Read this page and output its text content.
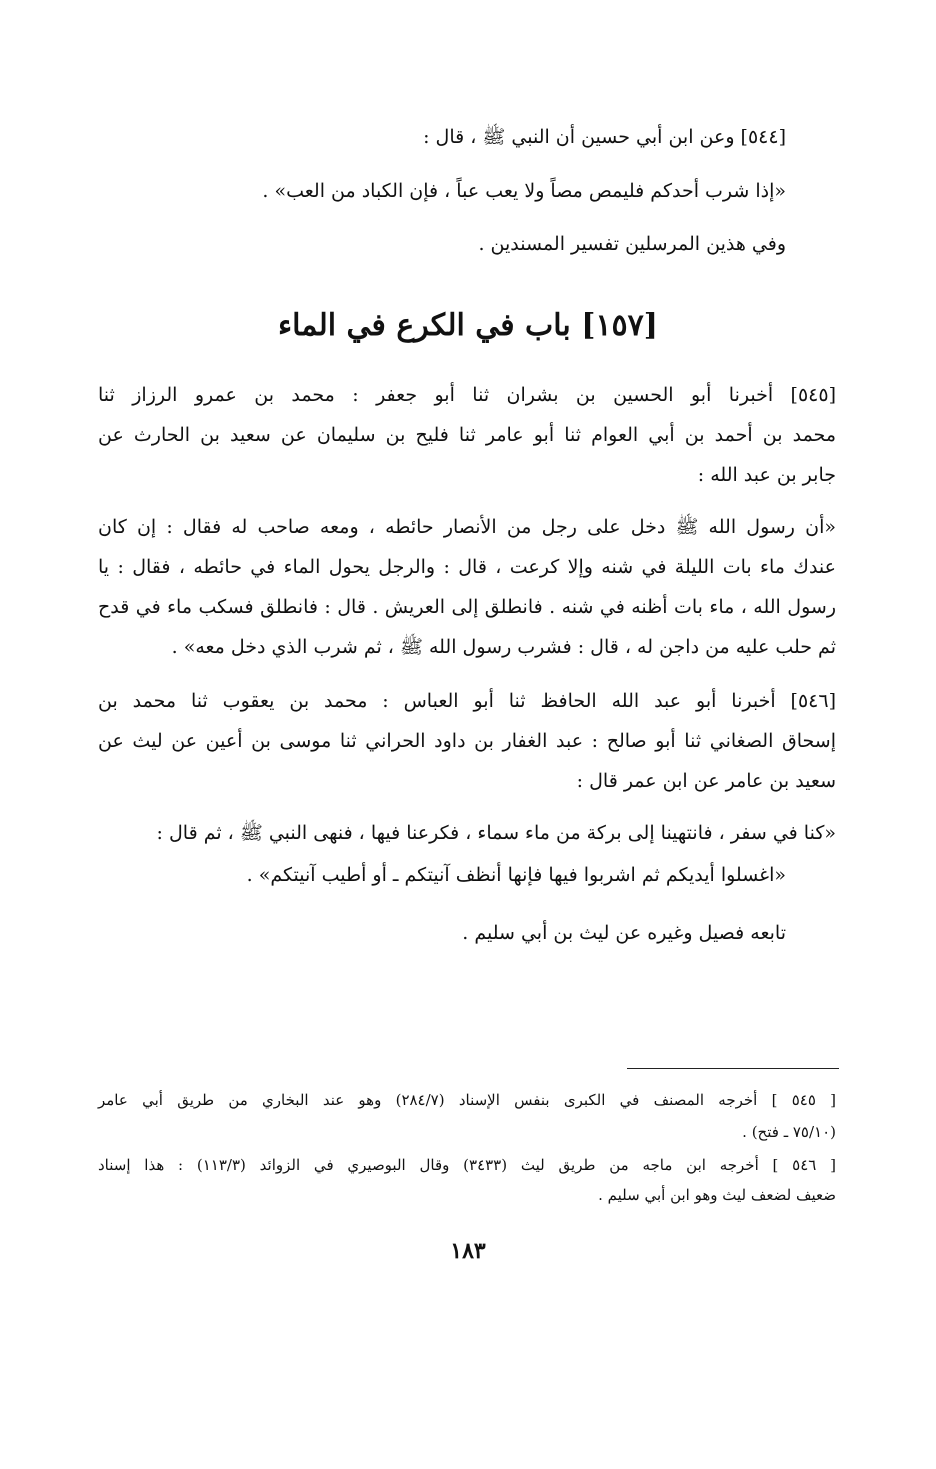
[٥٤٤] وعن ابن أبي حسين أن النبي ﷺ ، قال :
«إذا شرب أحدكم فليمص مصاً ولا يعب عباً ، فإن الكباد من العب» .
وفي هذين المرسلين تفسير المسندين .
[١٥٧] باب في الكرع في الماء
[٥٤٥] أخبرنا أبو الحسين بن بشران ثنا أبو جعفر : محمد بن عمرو الرزاز ثنا
محمد بن أحمد بن أبي العوام ثنا أبو عامر ثنا فليح بن سليمان عن سعيد بن الحارث عن
جابر بن عبد الله :
«أن رسول الله ﷺ دخل على رجل من الأنصار حائطه ، ومعه صاحب له فقال : إن كان
عندك ماء بات الليلة في شنه وإلا كرعت ، قال : والرجل يحول الماء في حائطه ، فقال : يا
رسول الله ، ماء بات أظنه في شنه . فانطلق إلى العريش . قال : فانطلق فسكب ماء في قدح
ثم حلب عليه من داجن له ، قال : فشرب رسول الله ﷺ ، ثم شرب الذي دخل معه» .
[٥٤٦] أخبرنا أبو عبد الله الحافظ ثنا أبو العباس : محمد بن يعقوب ثنا محمد بن
إسحاق الصغاني ثنا أبو صالح : عبد الغفار بن داود الحراني ثنا موسى بن أعين عن ليث عن
سعيد بن عامر عن ابن عمر قال :
«كنا في سفر ، فانتهينا إلى بركة من ماء سماء ، فكرعنا فيها ، فنهى النبي ﷺ ، ثم قال :
«اغسلوا أيديكم ثم اشربوا فيها فإنها أنظف آنيتكم ـ أو أطيب آنيتكم» .
تابعه فصيل وغيره عن ليث بن أبي سليم .
[ ٥٤٥ ] أخرجه المصنف في الكبرى بنفس الإسناد (٢٨٤/٧) وهو عند البخاري من طريق أبي عامر
(٧٥/١٠ ـ فتح) .
[ ٥٤٦ ] أخرجه ابن ماجه من طريق ليث (٣٤٣٣) وقال البوصيري في الزوائد (١١٣/٣) : هذا إسناد
ضعيف لضعف ليث وهو ابن أبي سليم .
١٨٣
